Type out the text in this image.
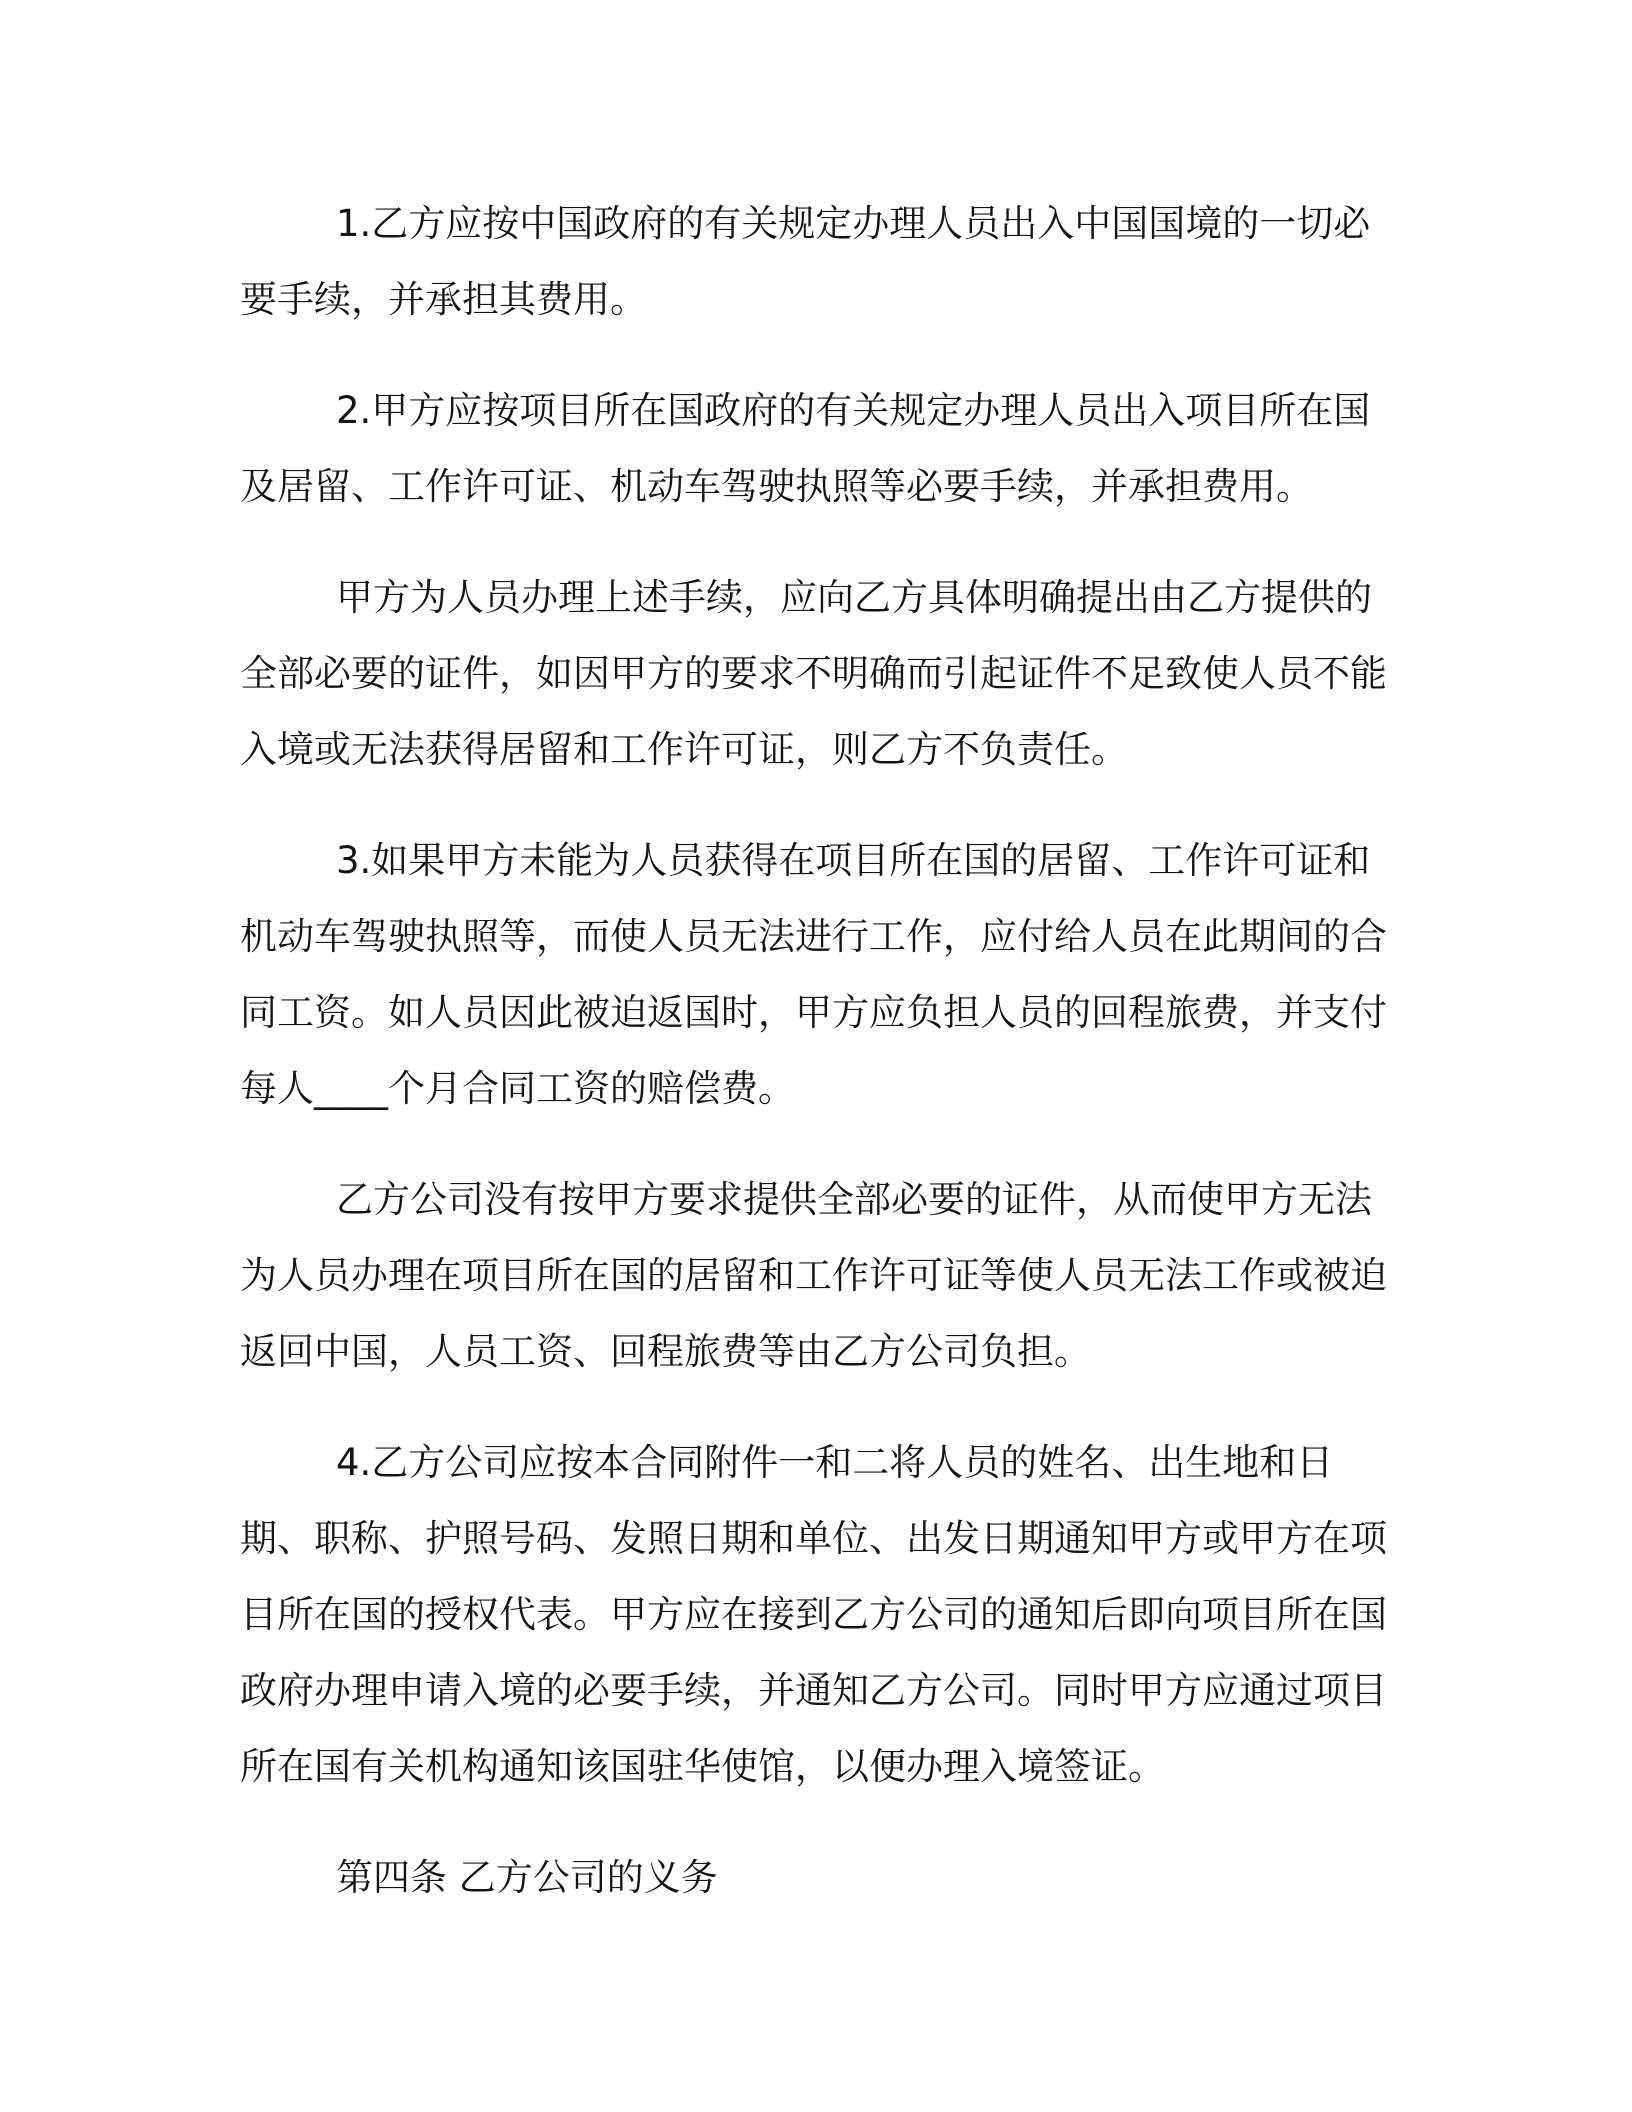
1.乙方应按中国政府的有关规定办理人员出入中国国境的一切必要手续，并承担其费用。

2.甲方应按项目所在国政府的有关规定办理人员出入项目所在国及居留、工作许可证、机动车驾驶执照等必要手续，并承担费用。

甲方为人员办理上述手续，应向乙方具体明确提出由乙方提供的全部必要的证件，如因甲方的要求不明确而引起证件不足致使人员不能入境或无法获得居留和工作许可证，则乙方不负责任。

3.如果甲方未能为人员获得在项目所在国的居留、工作许可证和机动车驾驶执照等，而使人员无法进行工作，应付给人员在此期间的合同工资。如人员因此被迫返国时，甲方应负担人员的回程旅费，并支付每人____个月合同工资的赔偿费。

乙方公司没有按甲方要求提供全部必要的证件，从而使甲方无法为人员办理在项目所在国的居留和工作许可证等使人员无法工作或被迫返回中国，人员工资、回程旅费等由乙方公司负担。

4.乙方公司应按本合同附件一和二将人员的姓名、出生地和日期、职称、护照号码、发照日期和单位、出发日期通知甲方或甲方在项目所在国的授权代表。甲方应在接到乙方公司的通知后即向项目所在国政府办理申请入境的必要手续，并通知乙方公司。同时甲方应通过项目所在国有关机构通知该国驻华使馆，以便办理入境签证。

第四条 乙方公司的义务
